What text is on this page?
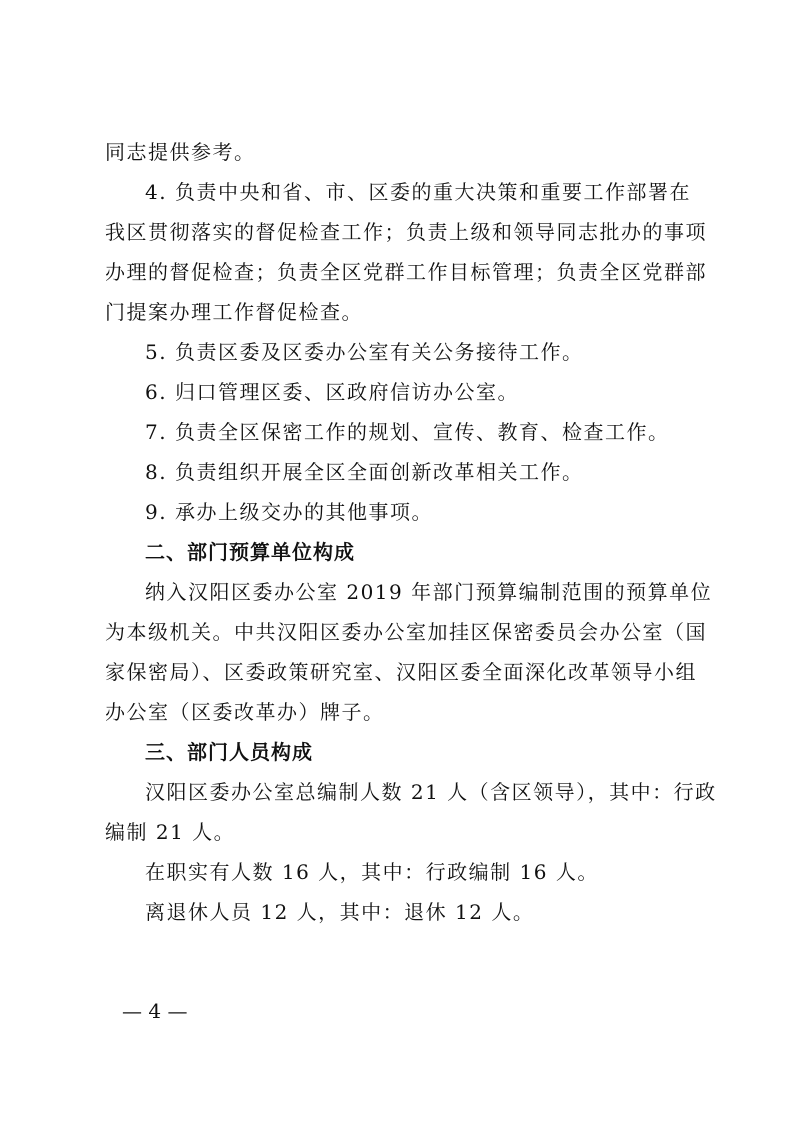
同志提供参考。
4. 负责中央和省、市、区委的重大决策和重要工作部署在
我区贯彻落实的督促检查工作；负责上级和领导同志批办的事项
办理的督促检查；负责全区党群工作目标管理；负责全区党群部
门提案办理工作督促检查。
5. 负责区委及区委办公室有关公务接待工作。
6. 归口管理区委、区政府信访办公室。
7. 负责全区保密工作的规划、宣传、教育、检查工作。
8. 负责组织开展全区全面创新改革相关工作。
9. 承办上级交办的其他事项。
二、部门预算单位构成
纳入汉阳区委办公室 2019 年部门预算编制范围的预算单位
为本级机关。中共汉阳区委办公室加挂区保密委员会办公室（国
家保密局）、区委政策研究室、汉阳区委全面深化改革领导小组
办公室（区委改革办）牌子。
三、部门人员构成
汉阳区委办公室总编制人数 21 人（含区领导），其中：行政
编制 21 人。
在职实有人数 16 人，其中：行政编制 16 人。
离退休人员 12 人，其中：退休 12 人。
— 4 —
